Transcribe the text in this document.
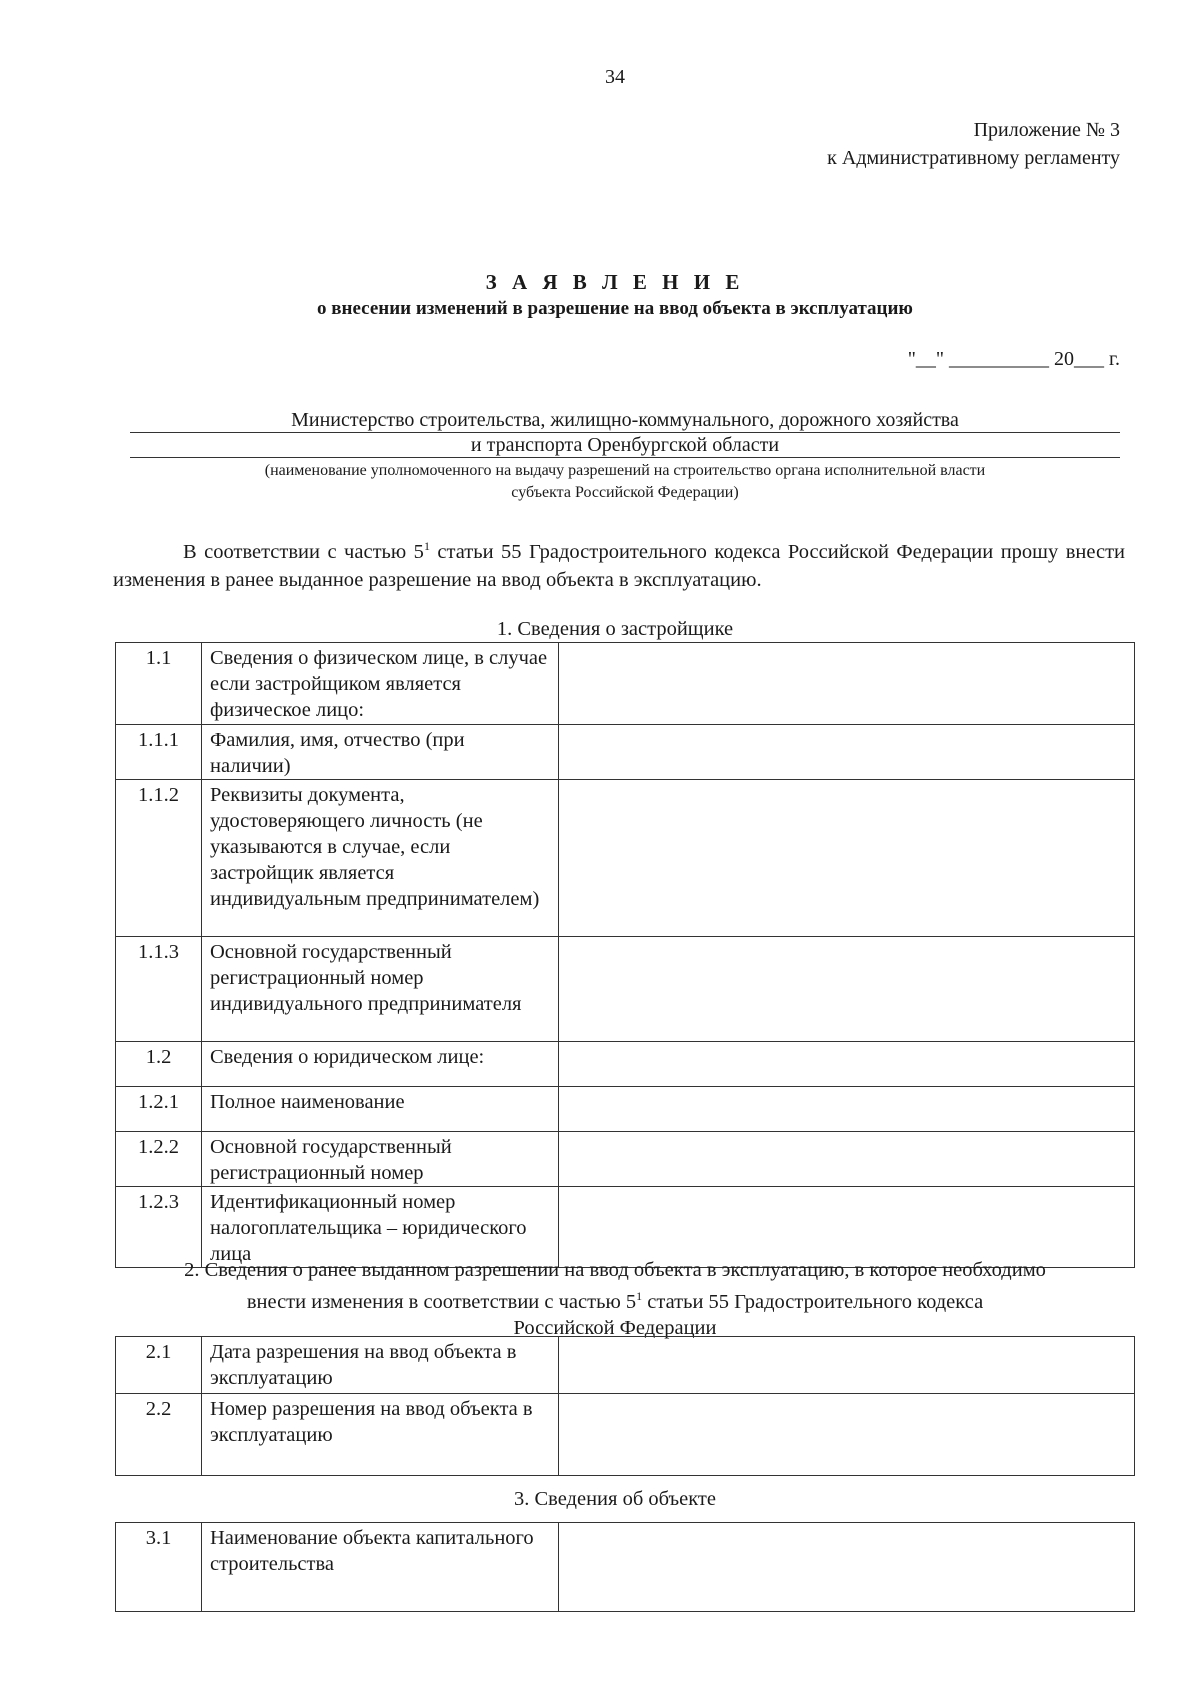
34
Приложение № 3
к Административному регламенту
З А Я В Л Е Н И Е
о внесении изменений в разрешение на ввод объекта в эксплуатацию
"__" __________ 20___ г.
Министерство строительства, жилищно-коммунального, дорожного хозяйства
и транспорта Оренбургской области
(наименование уполномоченного на выдачу разрешений на строительство органа исполнительной власти
субъекта Российской Федерации)
В соответствии с частью $5^1$ статьи 55 Градостроительного кодекса Российской Федерации прошу внести изменения в ранее выданное разрешение на ввод объекта в эксплуатацию.
1. Сведения о застройщике
1.1	Сведения о физическом лице, в случае если застройщиком является физическое лицо:	
1.1.1	Фамилия, имя, отчество (при наличии)	
1.1.2	Реквизиты документа, удостоверяющего личность (не указываются в случае, если застройщик является индивидуальным предпринимателем)	
1.1.3	Основной государственный регистрационный номер индивидуального предпринимателя	
1.2	Сведения о юридическом лице:	
1.2.1	Полное наименование	
1.2.2	Основной государственный регистрационный номер	
1.2.3	Идентификационный номер налогоплательщика – юридического лица	
2. Сведения о ранее выданном разрешении на ввод объекта в эксплуатацию, в которое необходимо
внести изменения в соответствии с частью $5^1$ статьи 55 Градостроительного кодекса
Российской Федерации
2.1	Дата разрешения на ввод объекта в эксплуатацию	
2.2	Номер разрешения на ввод объекта в эксплуатацию	
3. Сведения об объекте
3.1	Наименование объекта капитального строительства	
